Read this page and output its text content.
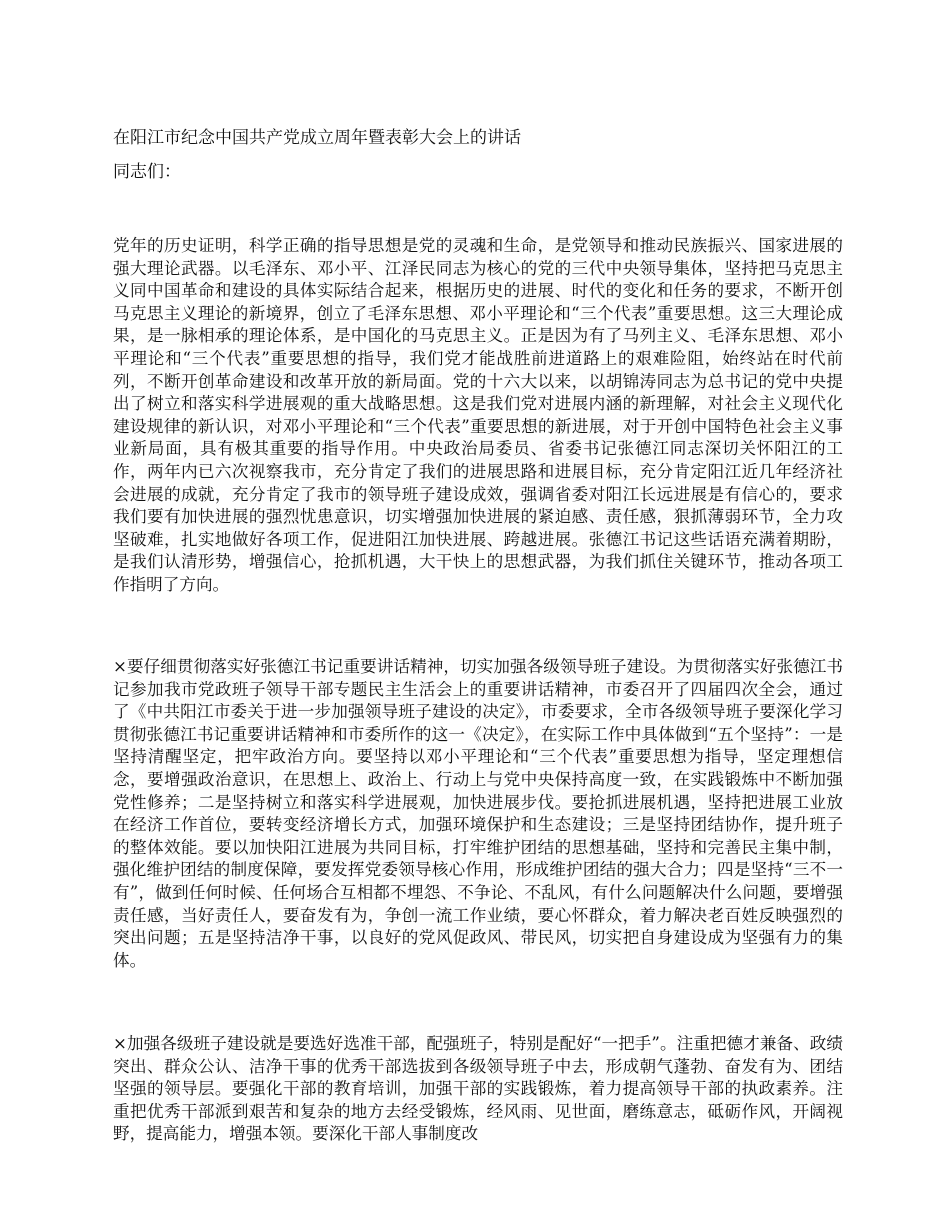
在阳江市纪念中国共产党成立周年暨表彰大会上的讲话

同志们：

党年的历史证明，科学正确的指导思想是党的灵魂和生命，是党领导和推动民族振兴、国家进展的强大理论武器。以毛泽东、邓小平、江泽民同志为核心的党的三代中央领导集体，坚持把马克思主义同中国革命和建设的具体实际结合起来，根据历史的进展、时代的变化和任务的要求，不断开创马克思主义理论的新境界，创立了毛泽东思想、邓小平理论和“三个代表”重要思想。这三大理论成果，是一脉相承的理论体系，是中国化的马克思主义。正是因为有了马列主义、毛泽东思想、邓小平理论和“三个代表”重要思想的指导，我们党才能战胜前进道路上的艰难险阻，始终站在时代前列，不断开创革命建设和改革开放的新局面。党的十六大以来，以胡锦涛同志为总书记的党中央提出了树立和落实科学进展观的重大战略思想。这是我们党对进展内涵的新理解，对社会主义现代化建设规律的新认识，对邓小平理论和“三个代表”重要思想的新进展，对于开创中国特色社会主义事业新局面，具有极其重要的指导作用。中央政治局委员、省委书记张德江同志深切关怀阳江的工作，两年内已六次视察我市，充分肯定了我们的进展思路和进展目标，充分肯定阳江近几年经济社会进展的成就，充分肯定了我市的领导班子建设成效，强调省委对阳江长远进展是有信心的，要求我们要有加快进展的强烈忧患意识，切实增强加快进展的紧迫感、责任感，狠抓薄弱环节，全力攻坚破难，扎实地做好各项工作，促进阳江加快进展、跨越进展。张德江书记这些话语充满着期盼，是我们认清形势，增强信心，抢抓机遇，大干快上的思想武器，为我们抓住关键环节，推动各项工作指明了方向。

×要仔细贯彻落实好张德江书记重要讲话精神，切实加强各级领导班子建设。为贯彻落实好张德江书记参加我市党政班子领导干部专题民主生活会上的重要讲话精神，市委召开了四届四次全会，通过了《中共阳江市委关于进一步加强领导班子建设的决定》，市委要求，全市各级领导班子要深化学习贯彻张德江书记重要讲话精神和市委所作的这一《决定》，在实际工作中具体做到“五个坚持”：一是坚持清醒坚定，把牢政治方向。要坚持以邓小平理论和“三个代表”重要思想为指导，坚定理想信念，要增强政治意识，在思想上、政治上、行动上与党中央保持高度一致，在实践锻炼中不断加强党性修养；二是坚持树立和落实科学进展观，加快进展步伐。要抢抓进展机遇，坚持把进展工业放在经济工作首位，要转变经济增长方式，加强环境保护和生态建设；三是坚持团结协作，提升班子的整体效能。要以加快阳江进展为共同目标，打牢维护团结的思想基础，坚持和完善民主集中制，强化维护团结的制度保障，要发挥党委领导核心作用，形成维护团结的强大合力；四是坚持“三不一有”，做到任何时候、任何场合互相都不埋怨、不争论、不乱风，有什么问题解决什么问题，要增强责任感，当好责任人，要奋发有为，争创一流工作业绩，要心怀群众，着力解决老百姓反映强烈的突出问题；五是坚持洁净干事，以良好的党风促政风、带民风，切实把自身建设成为坚强有力的集体。

×加强各级班子建设就是要选好选准干部，配强班子，特别是配好“一把手”。注重把德才兼备、政绩突出、群众公认、洁净干事的优秀干部选拔到各级领导班子中去，形成朝气蓬勃、奋发有为、团结坚强的领导层。要强化干部的教育培训，加强干部的实践锻炼，着力提高领导干部的执政素养。注重把优秀干部派到艰苦和复杂的地方去经受锻炼，经风雨、见世面，磨练意志，砥砺作风，开阔视野，提高能力，增强本领。要深化干部人事制度改
